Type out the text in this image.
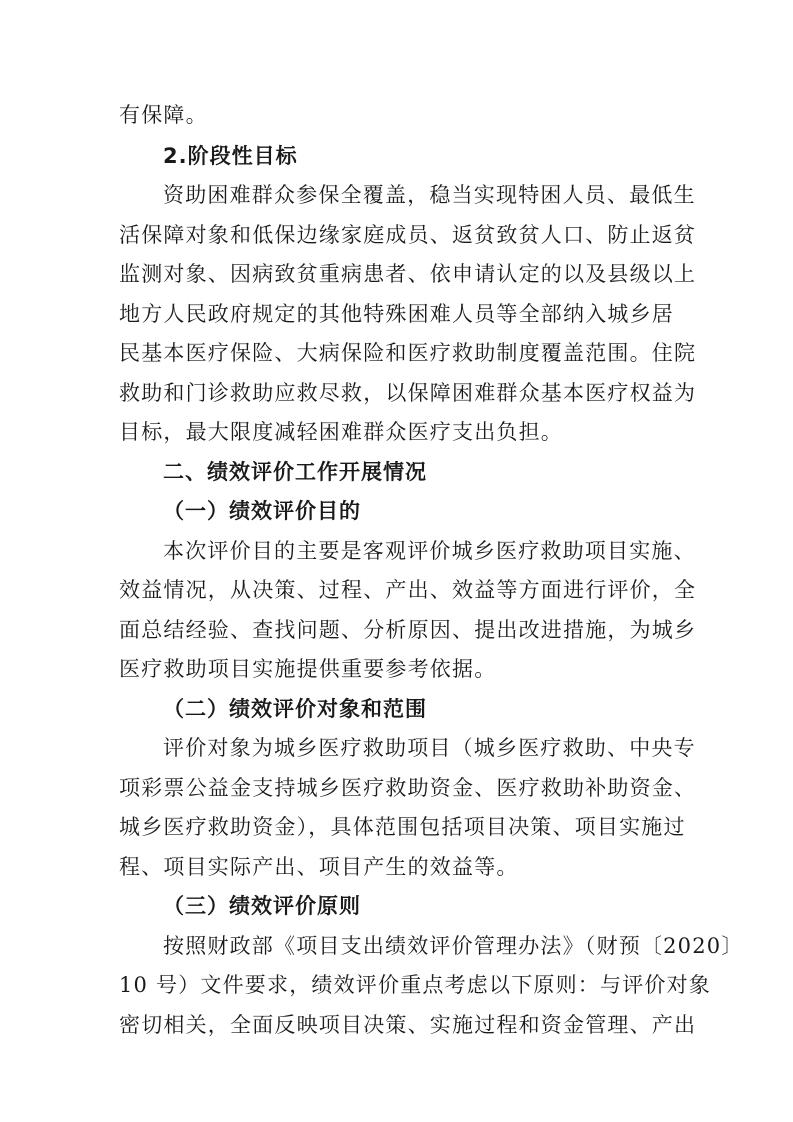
有保障。
2.阶段性目标
资助困难群众参保全覆盖，稳当实现特困人员、最低生
活保障对象和低保边缘家庭成员、返贫致贫人口、防止返贫
监测对象、因病致贫重病患者、依申请认定的以及县级以上
地方人民政府规定的其他特殊困难人员等全部纳入城乡居
民基本医疗保险、大病保险和医疗救助制度覆盖范围。住院
救助和门诊救助应救尽救，以保障困难群众基本医疗权益为
目标，最大限度减轻困难群众医疗支出负担。
二、绩效评价工作开展情况
（一）绩效评价目的
本次评价目的主要是客观评价城乡医疗救助项目实施、
效益情况，从决策、过程、产出、效益等方面进行评价，全
面总结经验、查找问题、分析原因、提出改进措施，为城乡
医疗救助项目实施提供重要参考依据。
（二）绩效评价对象和范围
评价对象为城乡医疗救助项目（城乡医疗救助、中央专
项彩票公益金支持城乡医疗救助资金、医疗救助补助资金、
城乡医疗救助资金），具体范围包括项目决策、项目实施过
程、项目实际产出、项目产生的效益等。
（三）绩效评价原则
按照财政部《项目支出绩效评价管理办法》（财预〔2020〕
10 号）文件要求，绩效评价重点考虑以下原则：与评价对象
密切相关，全面反映项目决策、实施过程和资金管理、产出
